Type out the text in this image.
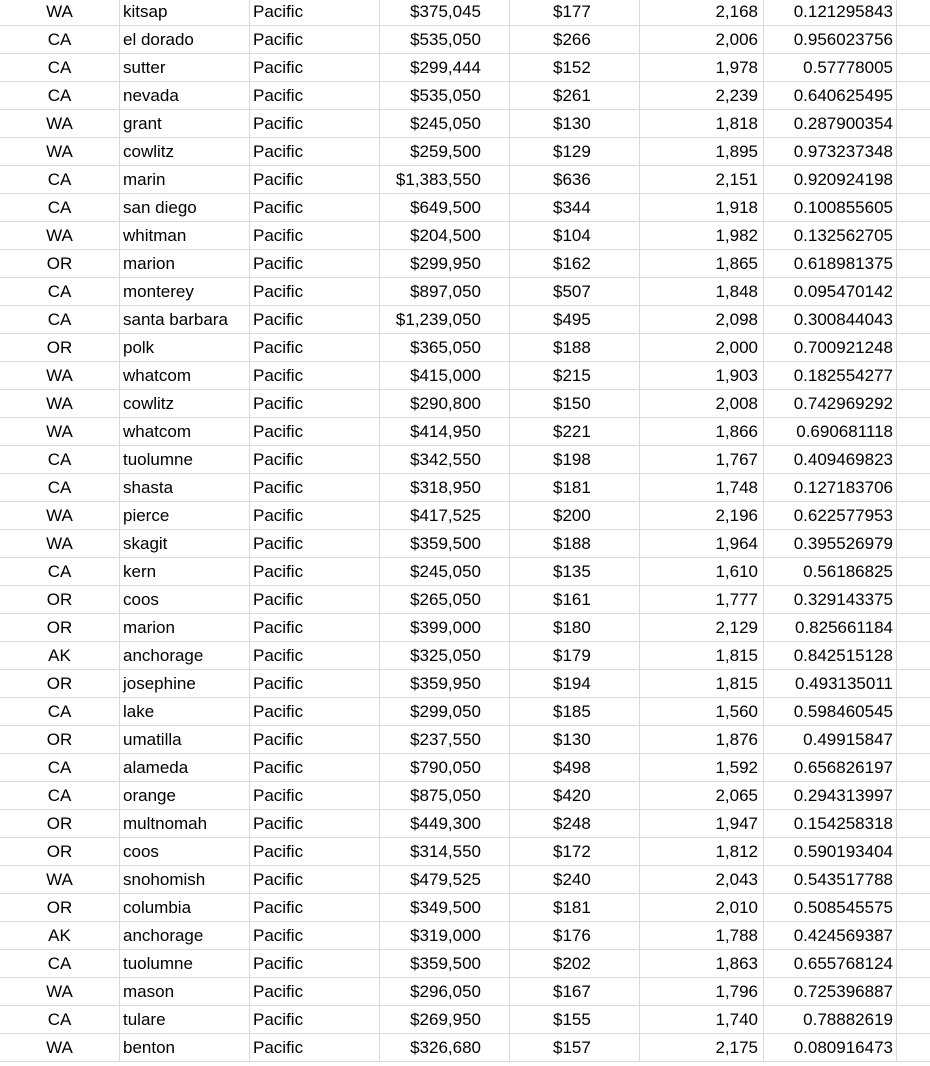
WA	kitsap	Pacific	$375,045	$177	2,168	0.121295843
CA	el dorado	Pacific	$535,050	$266	2,006	0.956023756
CA	sutter	Pacific	$299,444	$152	1,978	0.57778005
CA	nevada	Pacific	$535,050	$261	2,239	0.640625495
WA	grant	Pacific	$245,050	$130	1,818	0.287900354
WA	cowlitz	Pacific	$259,500	$129	1,895	0.973237348
CA	marin	Pacific	$1,383,550	$636	2,151	0.920924198
CA	san diego	Pacific	$649,500	$344	1,918	0.100855605
WA	whitman	Pacific	$204,500	$104	1,982	0.132562705
OR	marion	Pacific	$299,950	$162	1,865	0.618981375
CA	monterey	Pacific	$897,050	$507	1,848	0.095470142
CA	santa barbara	Pacific	$1,239,050	$495	2,098	0.300844043
OR	polk	Pacific	$365,050	$188	2,000	0.700921248
WA	whatcom	Pacific	$415,000	$215	1,903	0.182554277
WA	cowlitz	Pacific	$290,800	$150	2,008	0.742969292
WA	whatcom	Pacific	$414,950	$221	1,866	0.690681118
CA	tuolumne	Pacific	$342,550	$198	1,767	0.409469823
CA	shasta	Pacific	$318,950	$181	1,748	0.127183706
WA	pierce	Pacific	$417,525	$200	2,196	0.622577953
WA	skagit	Pacific	$359,500	$188	1,964	0.395526979
CA	kern	Pacific	$245,050	$135	1,610	0.56186825
OR	coos	Pacific	$265,050	$161	1,777	0.329143375
OR	marion	Pacific	$399,000	$180	2,129	0.825661184
AK	anchorage	Pacific	$325,050	$179	1,815	0.842515128
OR	josephine	Pacific	$359,950	$194	1,815	0.493135011
CA	lake	Pacific	$299,050	$185	1,560	0.598460545
OR	umatilla	Pacific	$237,550	$130	1,876	0.49915847
CA	alameda	Pacific	$790,050	$498	1,592	0.656826197
CA	orange	Pacific	$875,050	$420	2,065	0.294313997
OR	multnomah	Pacific	$449,300	$248	1,947	0.154258318
OR	coos	Pacific	$314,550	$172	1,812	0.590193404
WA	snohomish	Pacific	$479,525	$240	2,043	0.543517788
OR	columbia	Pacific	$349,500	$181	2,010	0.508545575
AK	anchorage	Pacific	$319,000	$176	1,788	0.424569387
CA	tuolumne	Pacific	$359,500	$202	1,863	0.655768124
WA	mason	Pacific	$296,050	$167	1,796	0.725396887
CA	tulare	Pacific	$269,950	$155	1,740	0.78882619
WA	benton	Pacific	$326,680	$157	2,175	0.080916473
